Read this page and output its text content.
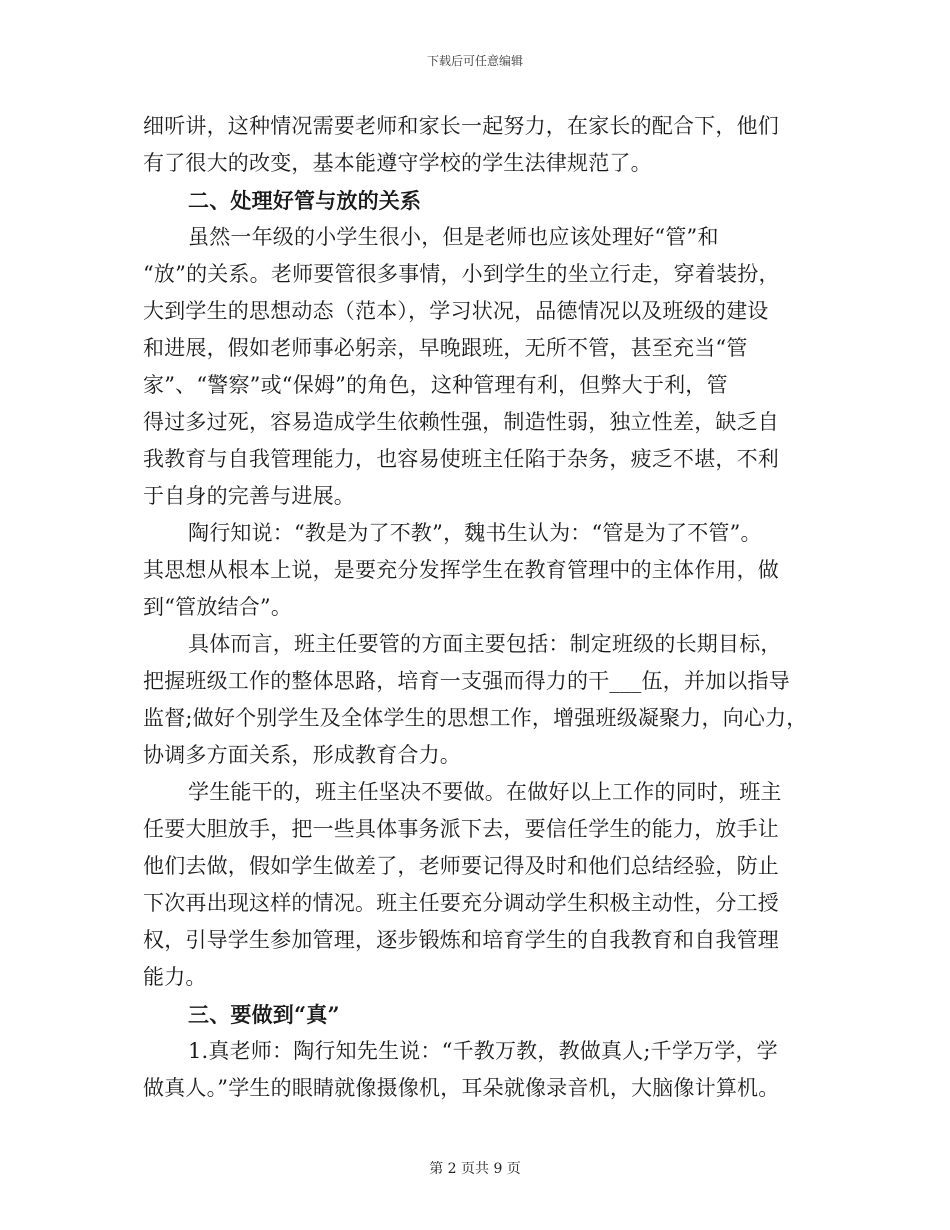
下载后可任意编辑
细听讲，这种情况需要老师和家长一起努力，在家长的配合下，他们
有了很大的改变，基本能遵守学校的学生法律规范了。
二、处理好管与放的关系
虽然一年级的小学生很小，但是老师也应该处理好“管”和
“放”的关系。老师要管很多事情，小到学生的坐立行走，穿着装扮，
大到学生的思想动态（范本），学习状况，品德情况以及班级的建设
和进展，假如老师事必躬亲，早晚跟班，无所不管，甚至充当“管
家”、“警察”或“保姆”的角色，这种管理有利，但弊大于利，管
得过多过死，容易造成学生依赖性强，制造性弱，独立性差，缺乏自
我教育与自我管理能力，也容易使班主任陷于杂务，疲乏不堪，不利
于自身的完善与进展。
陶行知说：“教是为了不教”，魏书生认为：“管是为了不管”。
其思想从根本上说，是要充分发挥学生在教育管理中的主体作用，做
到“管放结合”。
具体而言，班主任要管的方面主要包括：制定班级的长期目标，
把握班级工作的整体思路，培育一支强而得力的干___伍，并加以指导
监督;做好个别学生及全体学生的思想工作，增强班级凝聚力，向心力，
协调多方面关系，形成教育合力。
学生能干的，班主任坚决不要做。在做好以上工作的同时，班主
任要大胆放手，把一些具体事务派下去，要信任学生的能力，放手让
他们去做，假如学生做差了，老师要记得及时和他们总结经验，防止
下次再出现这样的情况。班主任要充分调动学生积极主动性，分工授
权，引导学生参加管理，逐步锻炼和培育学生的自我教育和自我管理
能力。
三、要做到“真”
1.真老师：陶行知先生说：“千教万教，教做真人;千学万学，学
做真人。”学生的眼睛就像摄像机，耳朵就像录音机，大脑像计算机。
第 2 页共 9 页
